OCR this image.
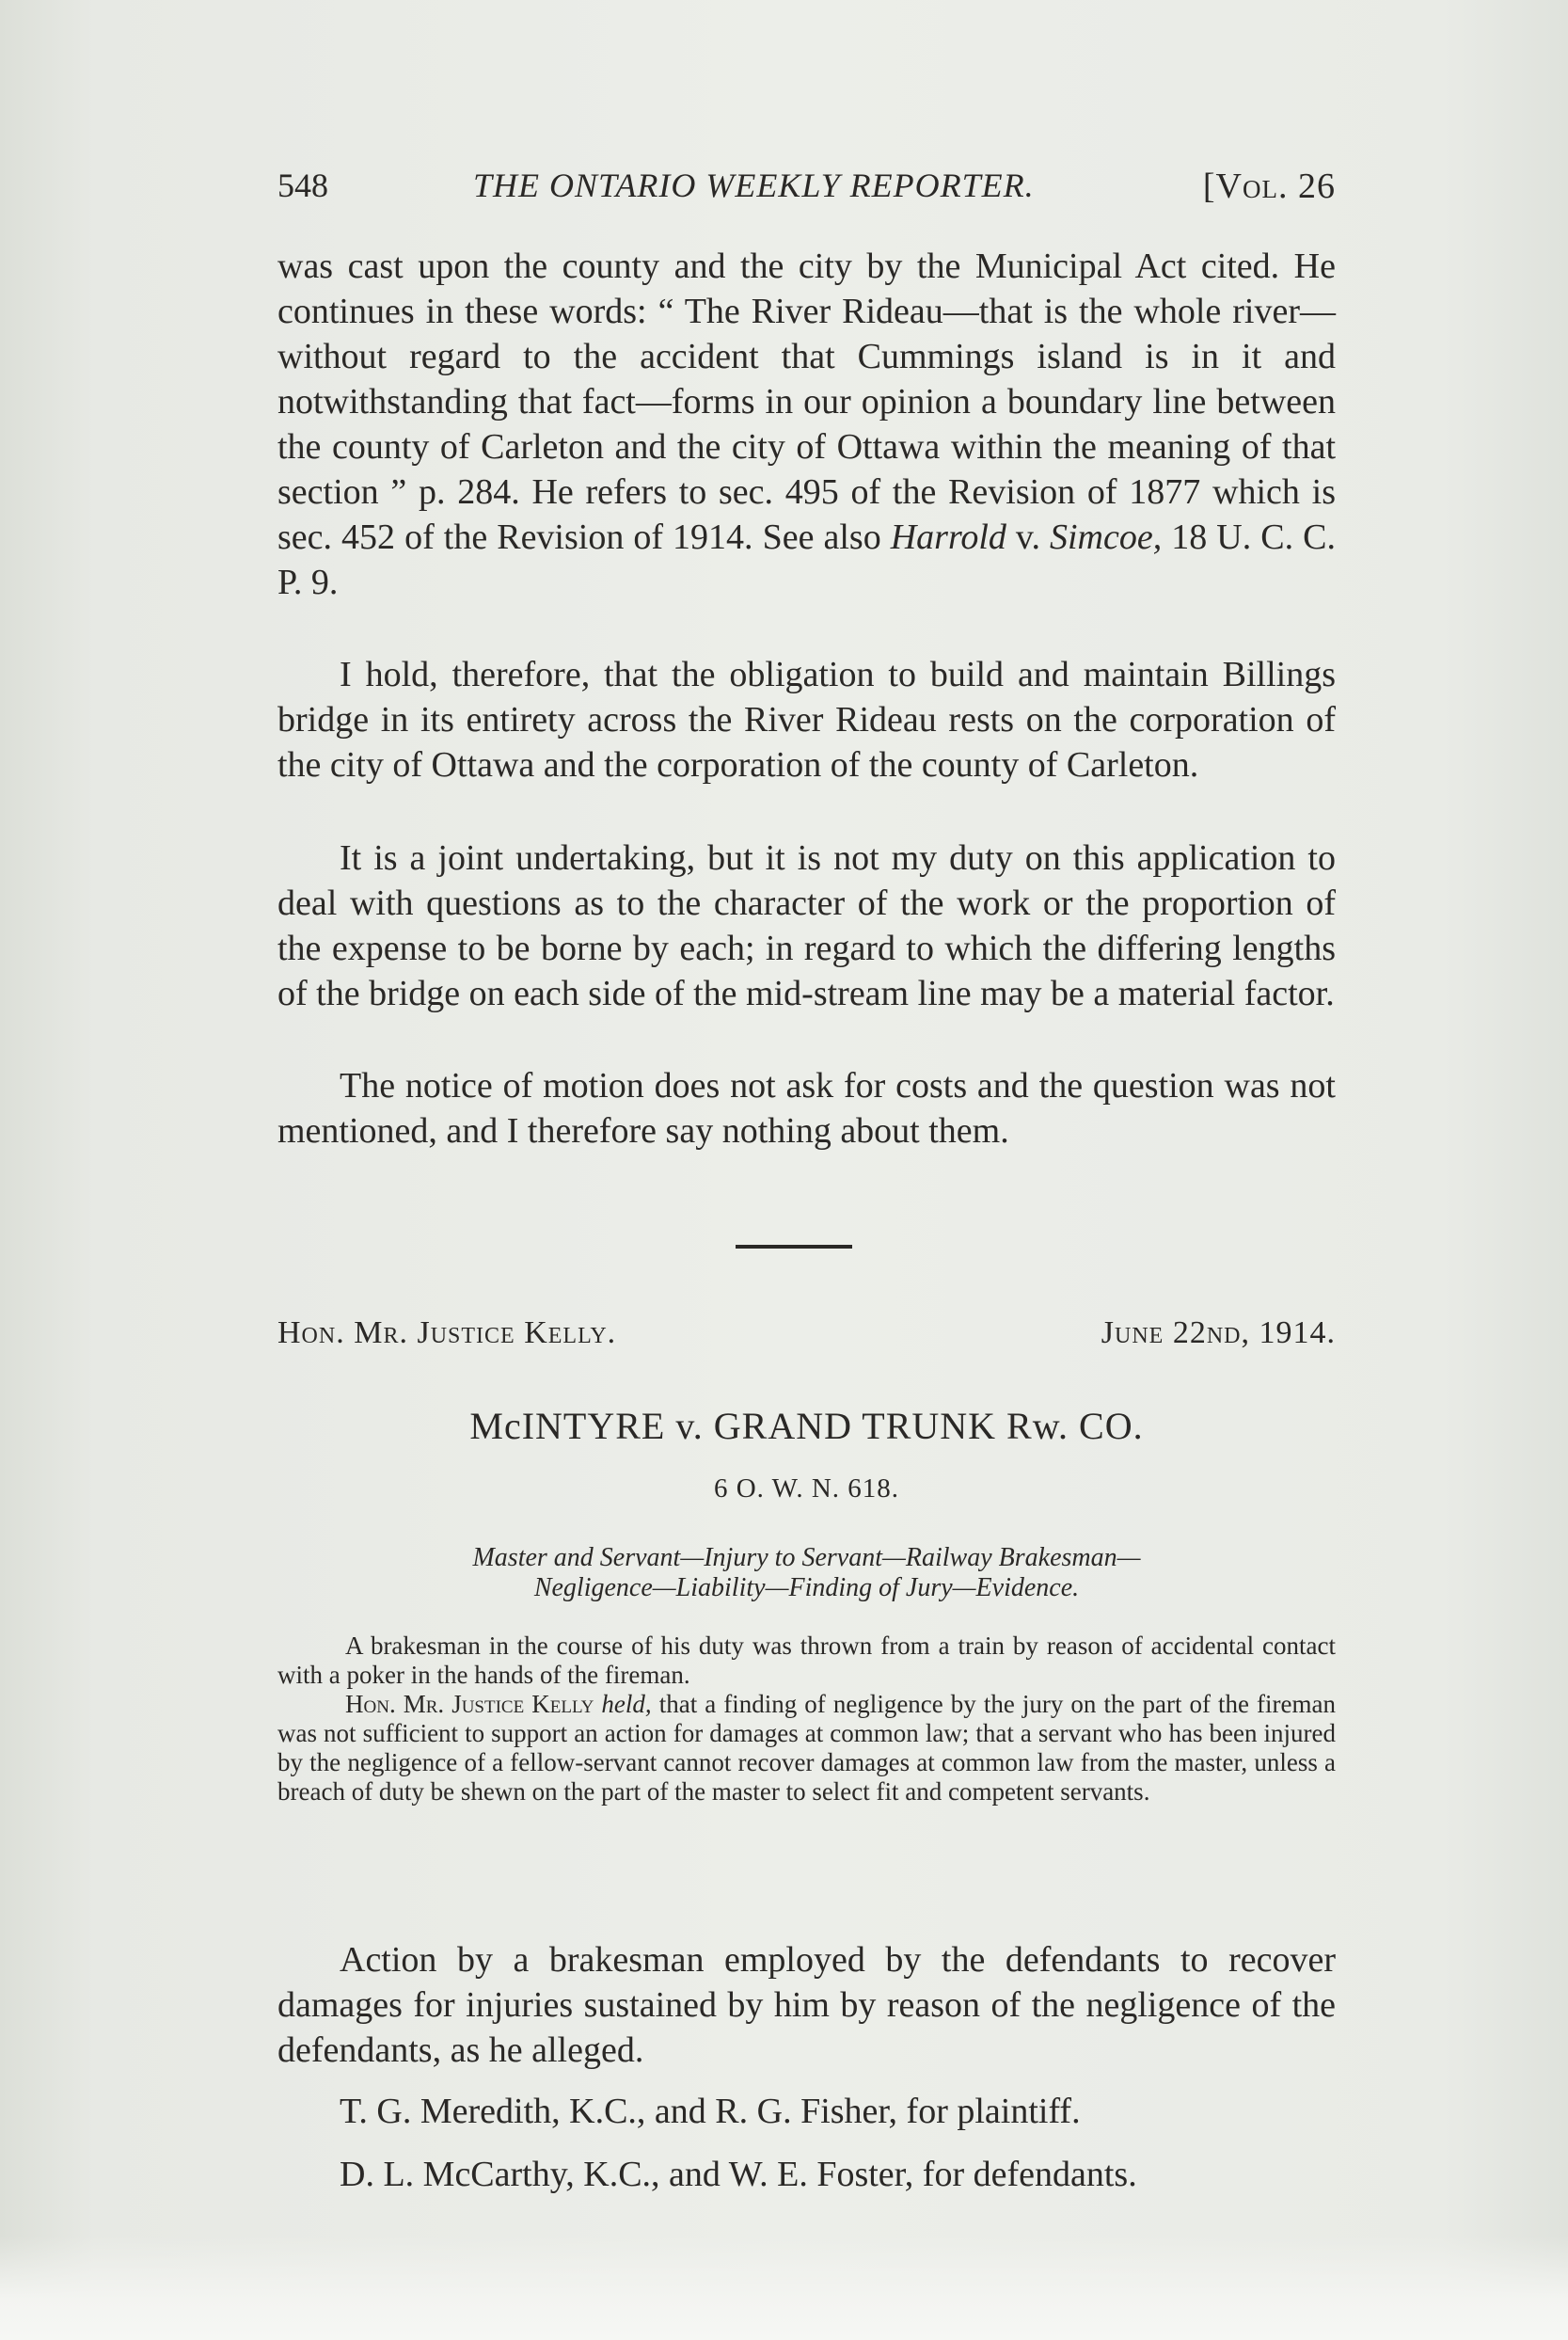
548	THE ONTARIO WEEKLY REPORTER.	[Vol. 26

was cast upon the county and the city by the Municipal Act cited. He continues in these words: “ The River Rideau—that is the whole river—without regard to the accident that Cummings island is in it and notwithstanding that fact—forms in our opinion a boundary line between the county of Carleton and the city of Ottawa within the meaning of that section ” p. 284. He refers to sec. 495 of the Revision of 1877 which is sec. 452 of the Revision of 1914. See also Harrold v. Simcoe, 18 U. C. C. P. 9.

I hold, therefore, that the obligation to build and maintain Billings bridge in its entirety across the River Rideau rests on the corporation of the city of Ottawa and the corporation of the county of Carleton.

It is a joint undertaking, but it is not my duty on this application to deal with questions as to the character of the work or the proportion of the expense to be borne by each; in regard to which the differing lengths of the bridge on each side of the mid-stream line may be a material factor.

The notice of motion does not ask for costs and the question was not mentioned, and I therefore say nothing about them.

Hon. Mr. Justice Kelly.	June 22nd, 1914.
McINTYRE v. GRAND TRUNK Rw. CO.
6 O. W. N. 618.
Master and Servant—Injury to Servant—Railway Brakesman—
Negligence—Liability—Finding of Jury—Evidence.

A brakesman in the course of his duty was thrown from a train by reason of accidental contact with a poker in the hands of the fireman.

Hon. Mr. Justice Kelly held, that a finding of negligence by the jury on the part of the fireman was not sufficient to support an action for damages at common law; that a servant who has been injured by the negligence of a fellow-servant cannot recover damages at common law from the master, unless a breach of duty be shewn on the part of the master to select fit and competent servants.

Action by a brakesman employed by the defendants to recover damages for injuries sustained by him by reason of the negligence of the defendants, as he alleged.

T. G. Meredith, K.C., and R. G. Fisher, for plaintiff.
D. L. McCarthy, K.C., and W. E. Foster, for defendants.
